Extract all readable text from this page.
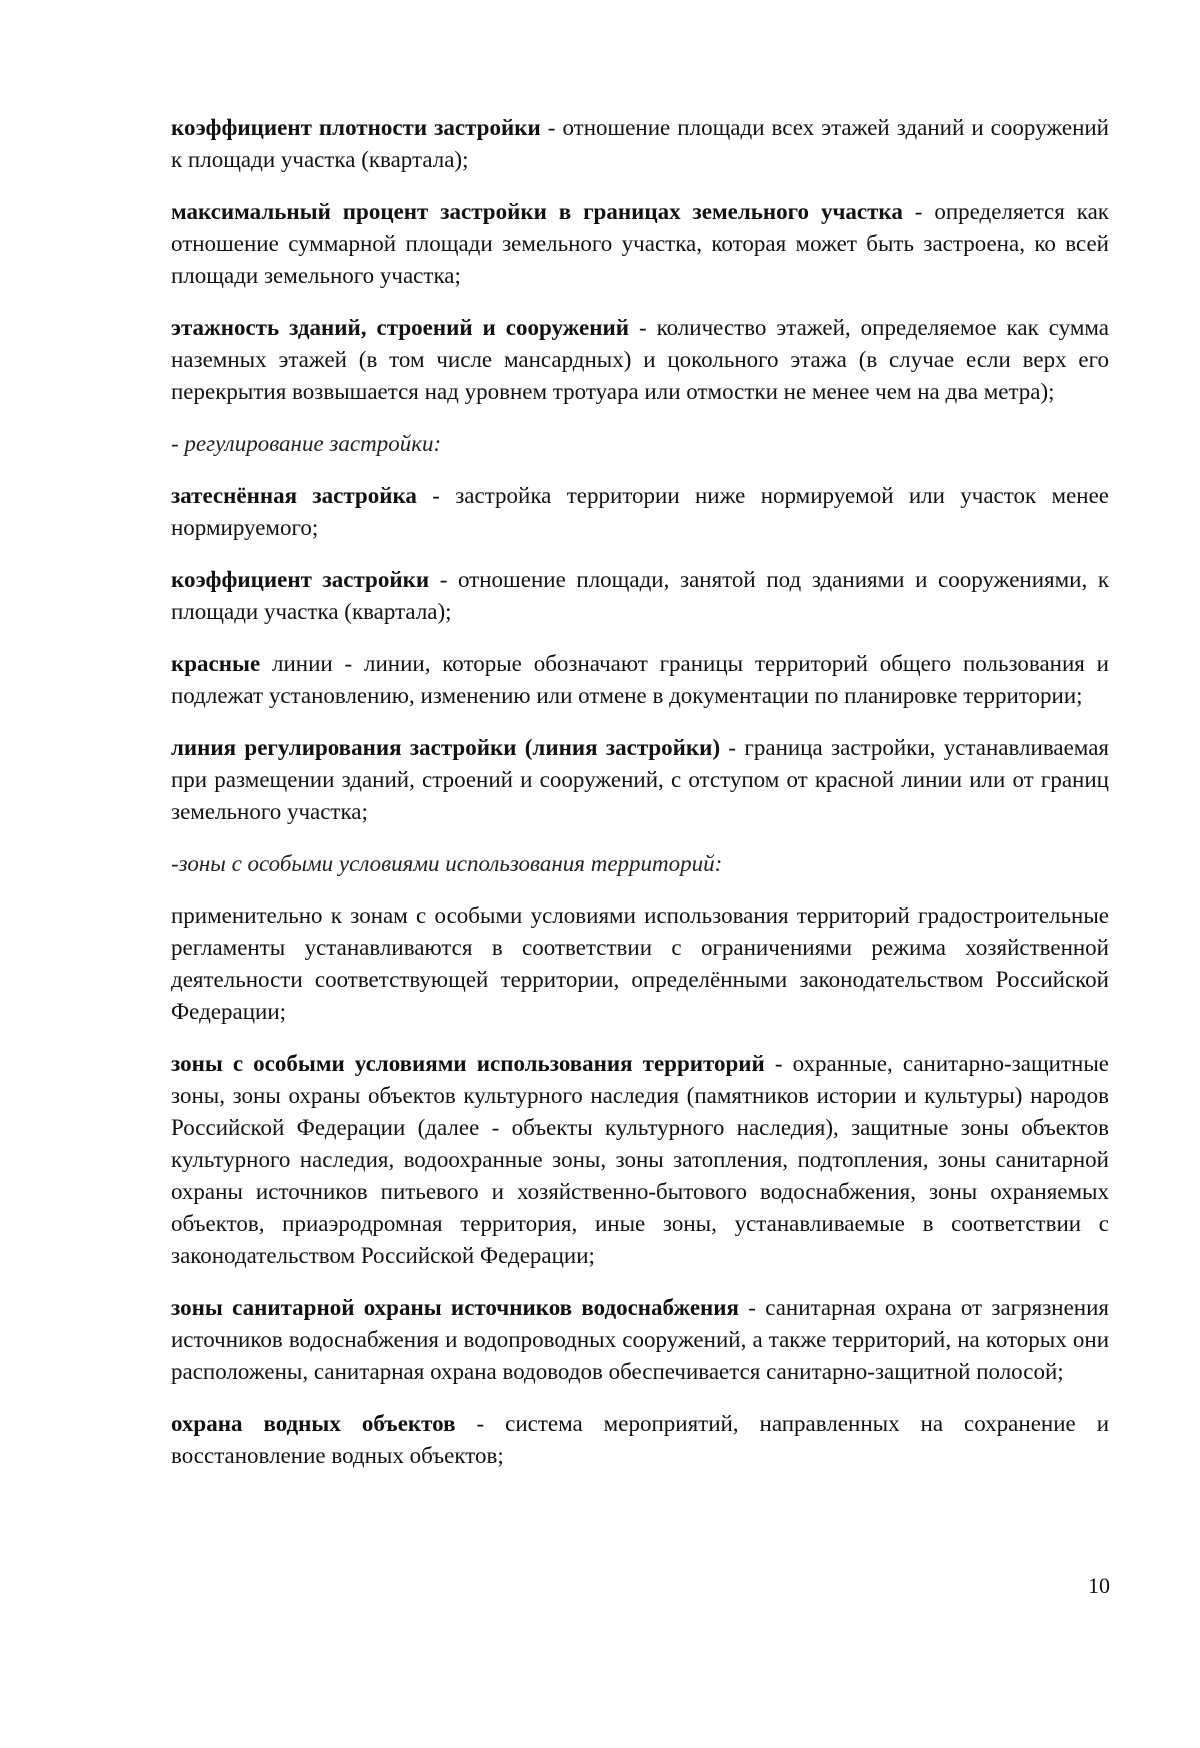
коэффициент плотности застройки - отношение площади всех этажей зданий и сооружений к площади участка (квартала);

максимальный процент застройки в границах земельного участка - определяется как отношение суммарной площади земельного участка, которая может быть застроена, ко всей площади земельного участка;

этажность зданий, строений и сооружений - количество этажей, определяемое как сумма наземных этажей (в том числе мансардных) и цокольного этажа (в случае если верх его перекрытия возвышается над уровнем тротуара или отмостки не менее чем на два метра);

- регулирование застройки:

затеснённая застройка - застройка территории ниже нормируемой или участок менее нормируемого;

коэффициент застройки - отношение площади, занятой под зданиями и сооружениями, к площади участка (квартала);

красные линии - линии, которые обозначают границы территорий общего пользования и подлежат установлению, изменению или отмене в документации по планировке территории;

линия регулирования застройки (линия застройки) - граница застройки, устанавливаемая при размещении зданий, строений и сооружений, с отступом от красной линии или от границ земельного участка;

-зоны с особыми условиями использования территорий:

применительно к зонам с особыми условиями использования территорий градостроительные регламенты устанавливаются в соответствии с ограничениями режима хозяйственной деятельности соответствующей территории, определёнными законодательством Российской Федерации;

зоны с особыми условиями использования территорий - охранные, санитарно-защитные зоны, зоны охраны объектов культурного наследия (памятников истории и культуры) народов Российской Федерации (далее - объекты культурного наследия), защитные зоны объектов культурного наследия, водоохранные зоны, зоны затопления, подтопления, зоны санитарной охраны источников питьевого и хозяйственно-бытового водоснабжения, зоны охраняемых объектов, приаэродромная территория, иные зоны, устанавливаемые в соответствии с законодательством Российской Федерации;

зоны санитарной охраны источников водоснабжения - санитарная охрана от загрязнения источников водоснабжения и водопроводных сооружений, а также территорий, на которых они расположены, санитарная охрана водоводов обеспечивается санитарно-защитной полосой;

охрана водных объектов - система мероприятий, направленных на сохранение и восстановление водных объектов;

10
